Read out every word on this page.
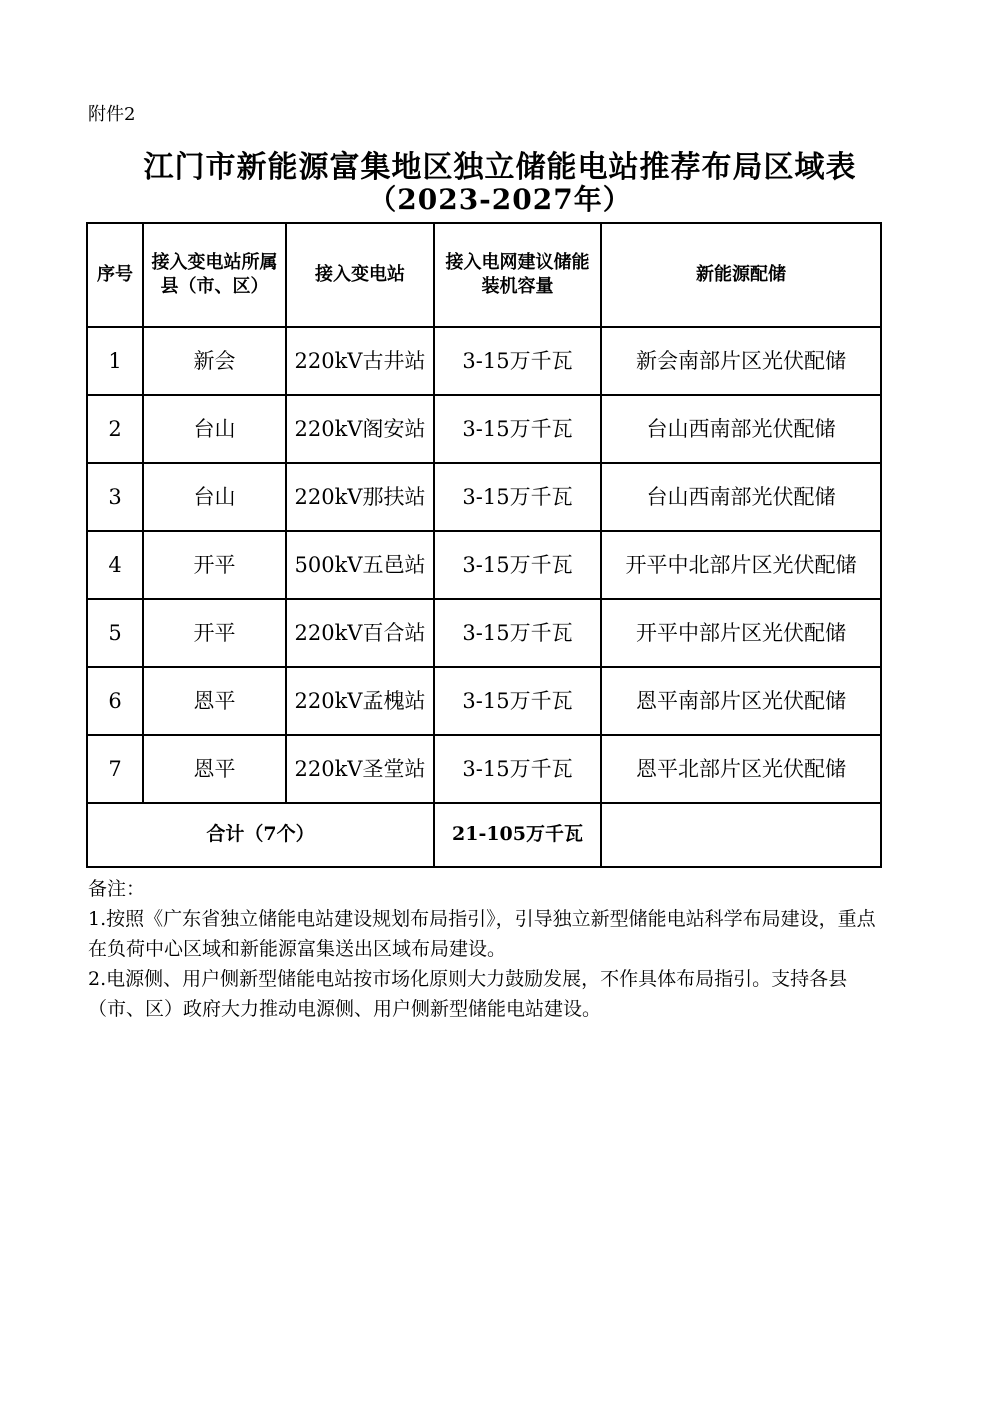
附件2
江门市新能源富集地区独立储能电站推荐布局区域表
（2023-2027年）
序号	接入变电站所属县（市、区）	接入变电站	接入电网建议储能装机容量	新能源配储
1	新会	220kV古井站	3-15万千瓦	新会南部片区光伏配储
2	台山	220kV阁安站	3-15万千瓦	台山西南部光伏配储
3	台山	220kV那扶站	3-15万千瓦	台山西南部光伏配储
4	开平	500kV五邑站	3-15万千瓦	开平中北部片区光伏配储
5	开平	220kV百合站	3-15万千瓦	开平中部片区光伏配储
6	恩平	220kV孟槐站	3-15万千瓦	恩平南部片区光伏配储
7	恩平	220kV圣堂站	3-15万千瓦	恩平北部片区光伏配储
合计（7个）			21-105万千瓦	

备注：

1.按照《广东省独立储能电站建设规划布局指引》，引导独立新型储能电站科学布局建设，重点在负荷中心区域和新能源富集送出区域布局建设。

2.电源侧、用户侧新型储能电站按市场化原则大力鼓励发展，不作具体布局指引。支持各县（市、区）政府大力推动电源侧、用户侧新型储能电站建设。
